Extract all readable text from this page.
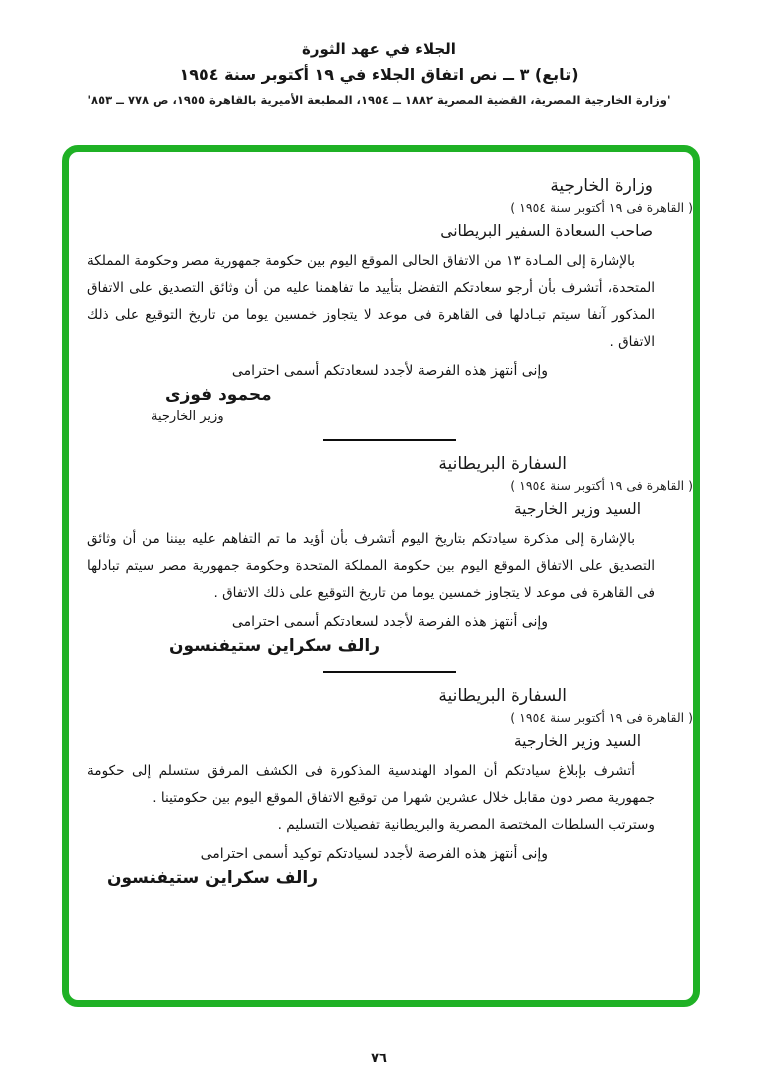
الجلاء في عهد الثورة
(تابع) ٣ ــ نص اتفاق الجلاء في ١٩ أكتوبر سنة ١٩٥٤
'وزارة الخارجية المصرية، القضية المصرية ١٨٨٢ ــ ١٩٥٤، المطبعة الأميرية بالقاهرة ١٩٥٥، ص ٧٧٨ ــ ٨٥٣'
وزارة الخارجية
( القاهرة فى ١٩ أكتوبر سنة ١٩٥٤ )
صاحب السعادة السفير البريطانى

بالإشارة إلى المـادة ١٣ من الاتفاق الحالى الموقع اليوم بين حكومة جمهورية مصر وحكومة المملكة المتحدة، أتشرف بأن أرجو سعادتكم التفضل بتأييد ما تفاهمنا عليه من أن وثائق التصديق على الاتفاق المذكور آنفا سيتم تبـادلها فى القاهرة فى موعد لا يتجاوز خمسين يوما من تاريخ التوقيع على ذلك الاتفاق .

وإنى أنتهز هذه الفرصة لأجدد لسعادتكم أسمى احترامى
محمود فوزى
وزير الخارجية
السفارة البريطانية
( القاهرة فى ١٩ أكتوبر سنة ١٩٥٤ )
السيد وزير الخارجية

بالإشارة إلى مذكرة سيادتكم بتاريخ اليوم أتشرف بأن أؤيد ما تم التفاهم عليه بيننا من أن وثائق التصديق على الاتفاق الموقع اليوم بين حكومة المملكة المتحدة وحكومة جمهورية مصر سيتم تبادلها فى القاهرة فى موعد لا يتجاوز خمسين يوما من تاريخ التوقيع على ذلك الاتفاق .

وإنى أنتهز هذه الفرصة لأجدد لسعادتكم أسمى احترامى
رالف سكراين ستيفنسون
السفارة البريطانية
( القاهرة فى ١٩ أكتوبر سنة ١٩٥٤ )
السيد وزير الخارجية

أتشرف بإبلاغ سيادتكم أن المواد الهندسية المذكورة فى الكشف المرفق ستسلم إلى حكومة جمهورية مصر دون مقابل خلال عشرين شهرا من توقيع الاتفاق الموقع اليوم بين حكومتينا .

وسترتب السلطات المختصة المصرية والبريطانية تفصيلات التسليم .

وإنى أنتهز هذه الفرصة لأجدد لسيادتكم توكيد أسمى احترامى
رالف سكراين ستيفنسون
٧٦
